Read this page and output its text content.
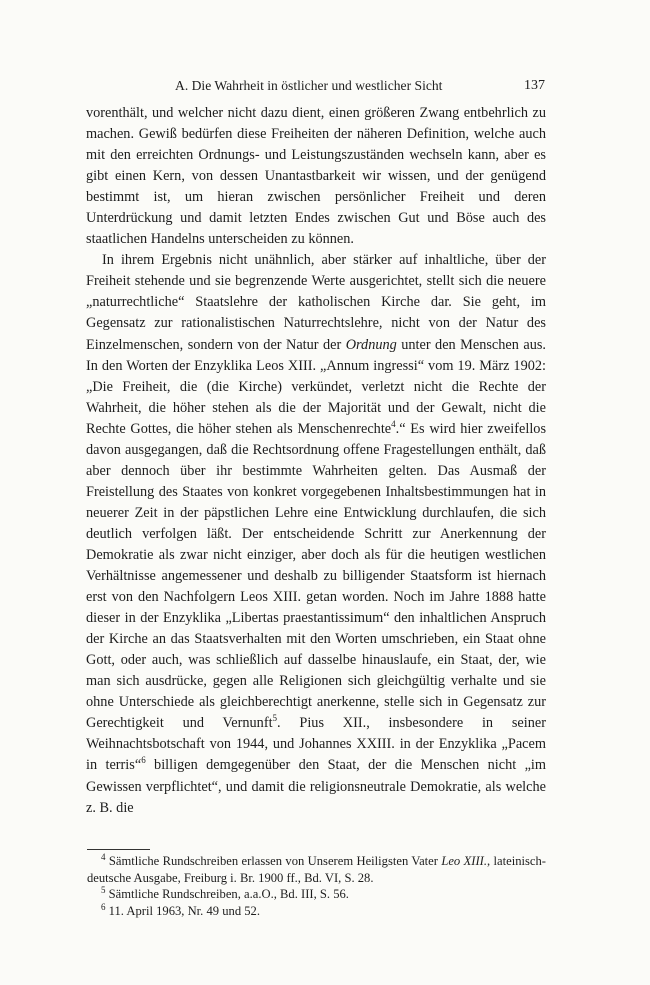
A. Die Wahrheit in östlicher und westlicher Sicht	137

vorenthält, und welcher nicht dazu dient, einen größeren Zwang entbehrlich zu machen. Gewiß bedürfen diese Freiheiten der näheren Definition, welche auch mit den erreichten Ordnungs- und Leistungszuständen wechseln kann, aber es gibt einen Kern, von dessen Unantastbarkeit wir wissen, und der genügend bestimmt ist, um hieran zwischen persönlicher Freiheit und deren Unterdrückung und damit letzten Endes zwischen Gut und Böse auch des staatlichen Handelns unterscheiden zu können.

In ihrem Ergebnis nicht unähnlich, aber stärker auf inhaltliche, über der Freiheit stehende und sie begrenzende Werte ausgerichtet, stellt sich die neuere „naturrechtliche“ Staatslehre der katholischen Kirche dar. Sie geht, im Gegensatz zur rationalistischen Naturrechtslehre, nicht von der Natur des Einzelmenschen, sondern von der Natur der Ordnung unter den Menschen aus. In den Worten der Enzyklika Leos XIII. „Annum ingressi“ vom 19. März 1902: „Die Freiheit, die (die Kirche) verkündet, verletzt nicht die Rechte der Wahrheit, die höher stehen als die der Majorität und der Gewalt, nicht die Rechte Gottes, die höher stehen als Menschenrechte$^4$.“ Es wird hier zweifellos davon ausgegangen, daß die Rechtsordnung offene Fragestellungen enthält, daß aber dennoch über ihr bestimmte Wahrheiten gelten. Das Ausmaß der Freistellung des Staates von konkret vorgegebenen Inhaltsbestimmungen hat in neuerer Zeit in der päpstlichen Lehre eine Entwicklung durchlaufen, die sich deutlich verfolgen läßt. Der entscheidende Schritt zur Anerkennung der Demokratie als zwar nicht einziger, aber doch als für die heutigen westlichen Verhältnisse angemessener und deshalb zu billigender Staatsform ist hiernach erst von den Nachfolgern Leos XIII. getan worden. Noch im Jahre 1888 hatte dieser in der Enzyklika „Libertas praestantissimum“ den inhaltlichen Anspruch der Kirche an das Staatsverhalten mit den Worten umschrieben, ein Staat ohne Gott, oder auch, was schließlich auf dasselbe hinauslaufe, ein Staat, der, wie man sich ausdrücke, gegen alle Religionen sich gleichgültig verhalte und sie ohne Unterschiede als gleichberechtigt anerkenne, stelle sich in Gegensatz zur Gerechtigkeit und Vernunft$^5$. Pius XII., insbesondere in seiner Weihnachtsbotschaft von 1944, und Johannes XXIII. in der Enzyklika „Pacem in terris“$^6$ billigen demgegenüber den Staat, der die Menschen nicht „im Gewissen verpflichtet“, und damit die religionsneutrale Demokratie, als welche z. B. die

$^4$ Sämtliche Rundschreiben erlassen von Unserem Heiligsten Vater Leo XIII., lateinisch-deutsche Ausgabe, Freiburg i. Br. 1900 ff., Bd. VI, S. 28.

$^5$ Sämtliche Rundschreiben, a.a.O., Bd. III, S. 56.

$^6$ 11. April 1963, Nr. 49 und 52.
